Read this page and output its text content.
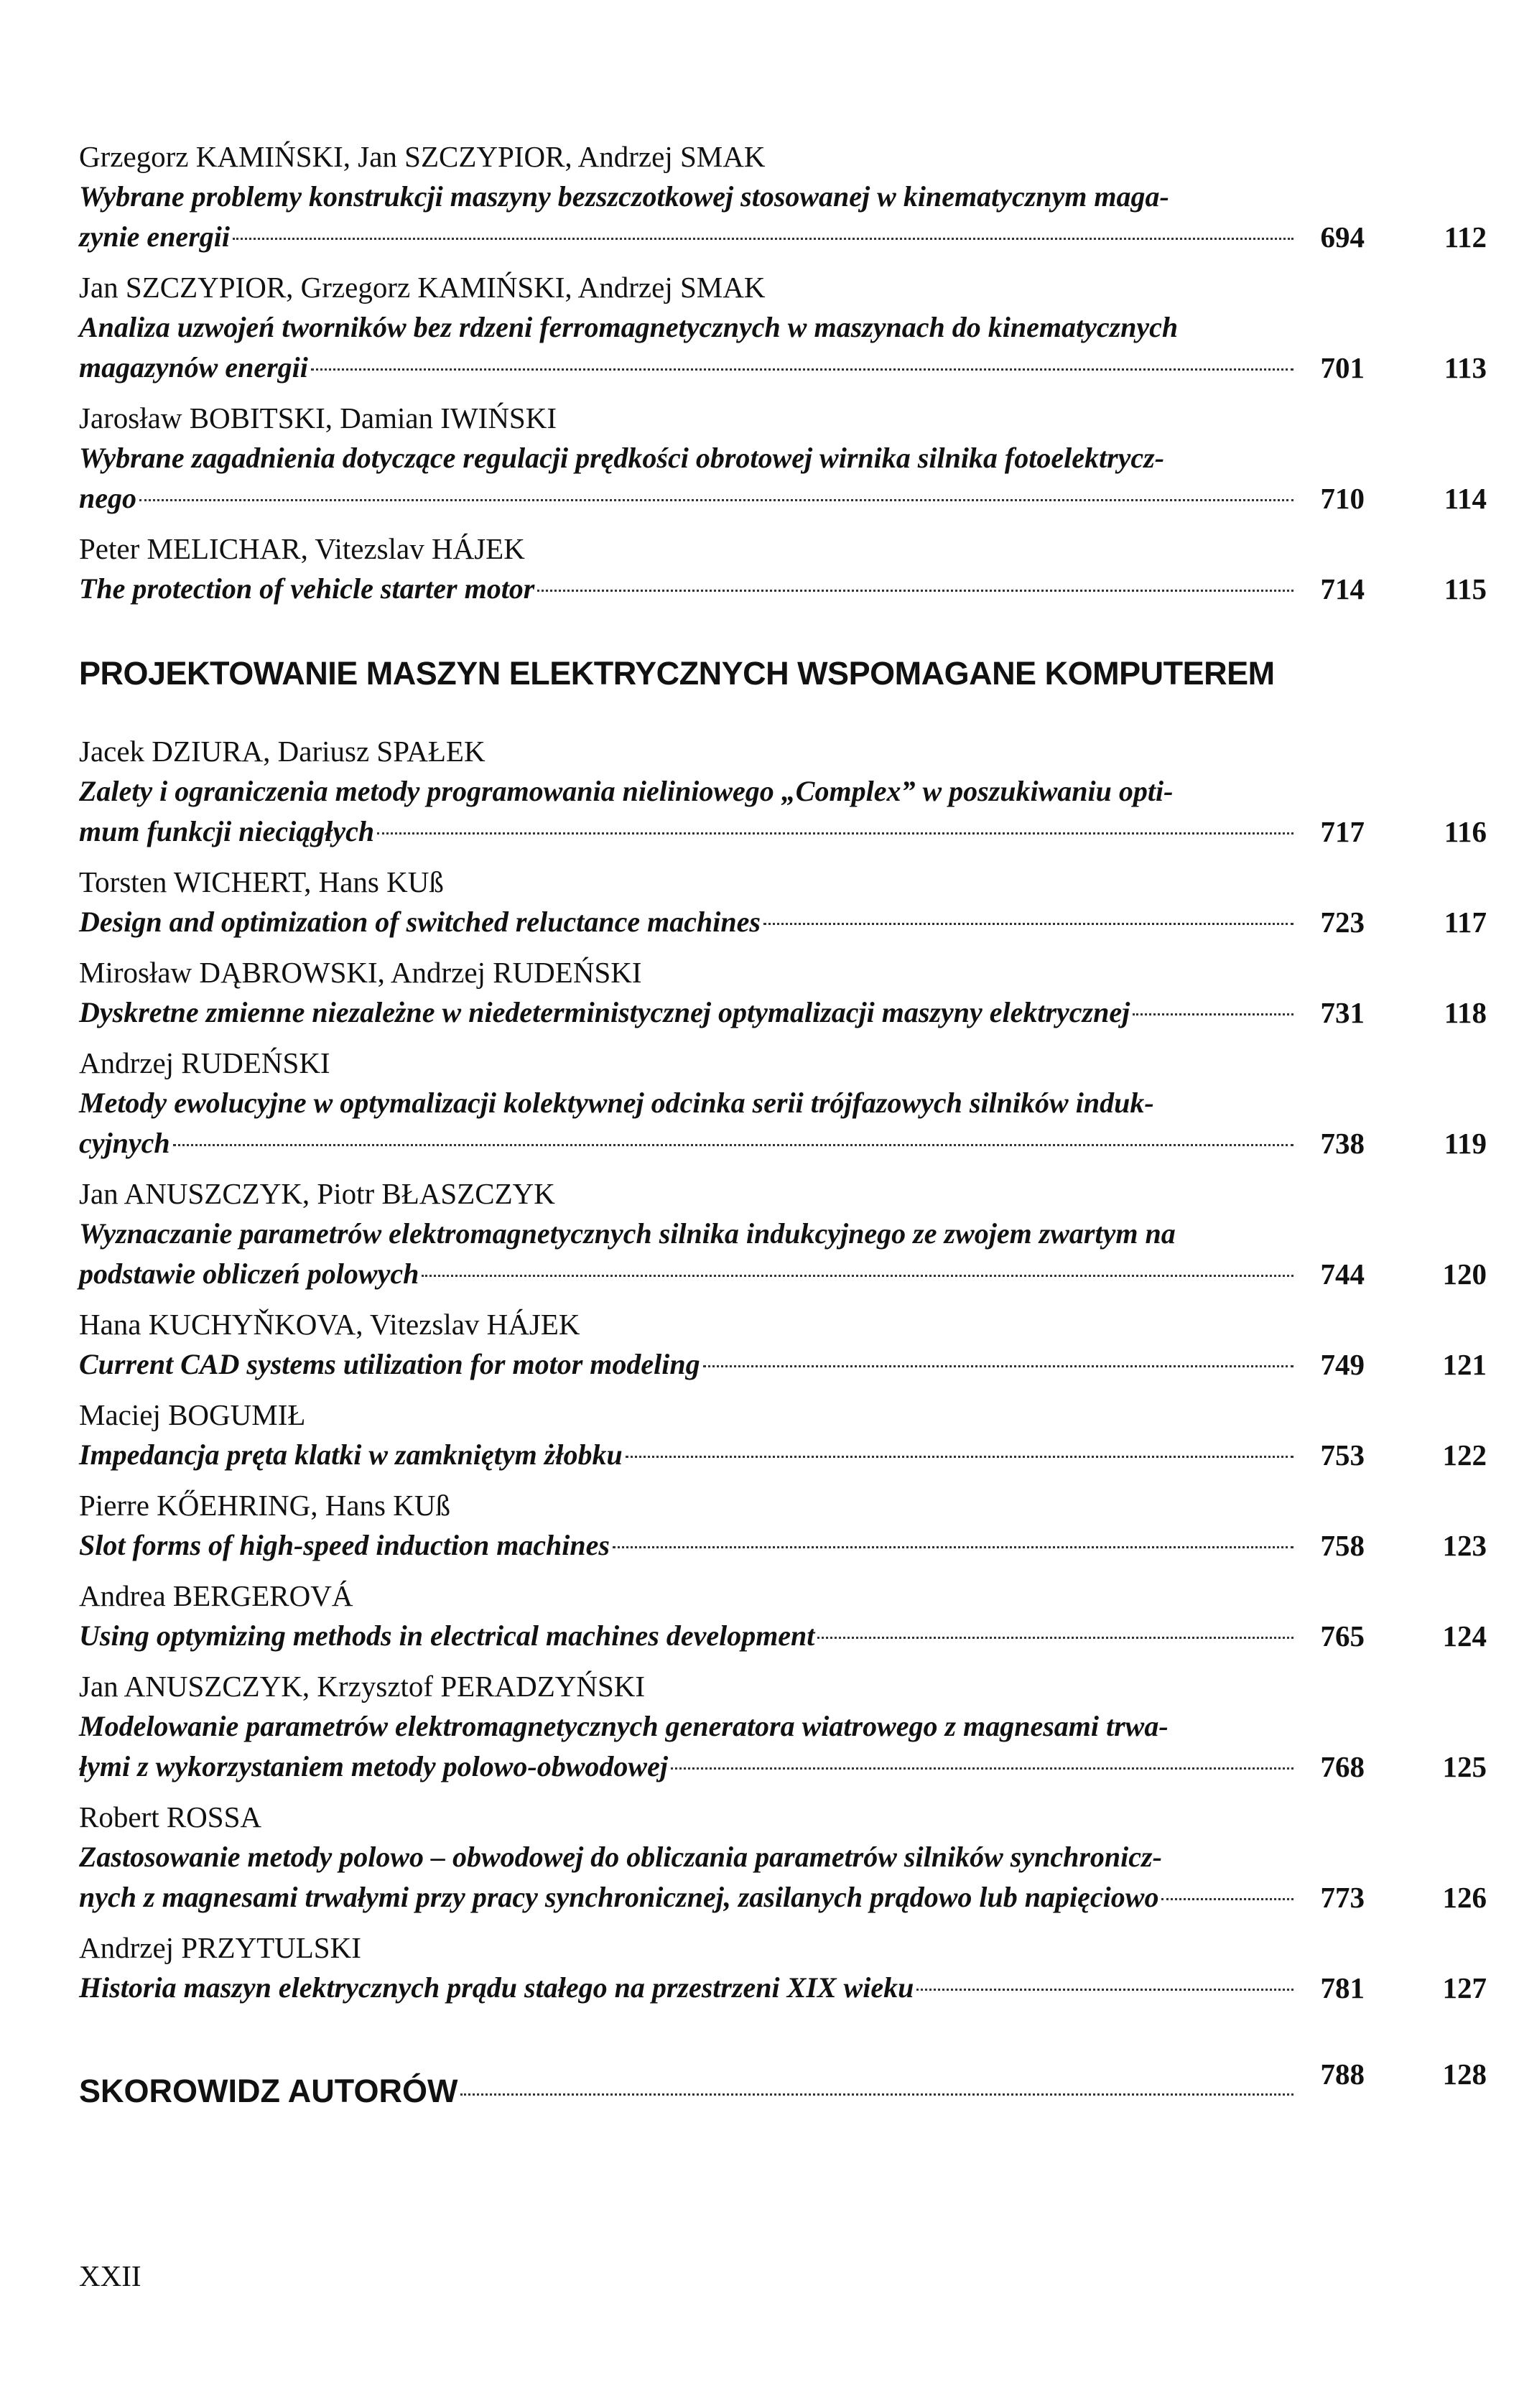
Grzegorz KAMIŃSKI, Jan SZCZYPIOR, Andrzej SMAK
Wybrane problemy konstrukcji maszyny bezszczotkowej stosowanej w kinematycznym maga-
zynie energii	694	112
Jan SZCZYPIOR, Grzegorz KAMIŃSKI, Andrzej SMAK
Analiza uzwojeń tworników bez rdzeni ferromagnetycznych w maszynach do kinematycznych
magazynów energii	701	113
Jarosław BOBITSKI, Damian IWIŃSKI
Wybrane zagadnienia dotyczące regulacji prędkości obrotowej wirnika silnika fotoelektrycz-
nego	710	114
Peter MELICHAR, Vitezslav HÁJEK
The protection of vehicle starter motor	714	115
PROJEKTOWANIE MASZYN ELEKTRYCZNYCH WSPOMAGANE KOMPUTEREM
Jacek DZIURA, Dariusz SPAŁEK
Zalety i ograniczenia metody programowania nieliniowego „Complex” w poszukiwaniu opti-
mum funkcji nieciągłych	717	116
Torsten WICHERT, Hans KUß
Design and optimization of switched reluctance machines	723	117
Mirosław DĄBROWSKI, Andrzej RUDEŃSKI
Dyskretne zmienne niezależne w niedeterministycznej optymalizacji maszyny elektrycznej	731	118
Andrzej RUDEŃSKI
Metody ewolucyjne w optymalizacji kolektywnej odcinka serii trójfazowych silników induk-
cyjnych	738	119
Jan ANUSZCZYK, Piotr BŁASZCZYK
Wyznaczanie parametrów elektromagnetycznych silnika indukcyjnego ze zwojem zwartym na
podstawie obliczeń polowych	744	120
Hana KUCHYŇKOVA, Vitezslav HÁJEK
Current CAD systems utilization for motor modeling	749	121
Maciej BOGUMIŁ
Impedancja pręta klatki w zamkniętym żłobku	753	122
Pierre KŐEHRING, Hans KUß
Slot forms of high-speed induction machines	758	123
Andrea BERGEROVÁ
Using optymizing methods in electrical machines development	765	124
Jan ANUSZCZYK, Krzysztof PERADZYŃSKI
Modelowanie parametrów elektromagnetycznych generatora wiatrowego z magnesami trwa-
łymi z wykorzystaniem metody polowo-obwodowej	768	125
Robert ROSSA
Zastosowanie metody polowo – obwodowej do obliczania parametrów silników synchronicz-
nych z magnesami trwałymi przy pracy synchronicznej, zasilanych prądowo lub napięciowo	773	126
Andrzej PRZYTULSKI
Historia maszyn elektrycznych prądu stałego na przestrzeni XIX wieku	781	127
SKOROWIDZ AUTORÓW	788	128
XXII
